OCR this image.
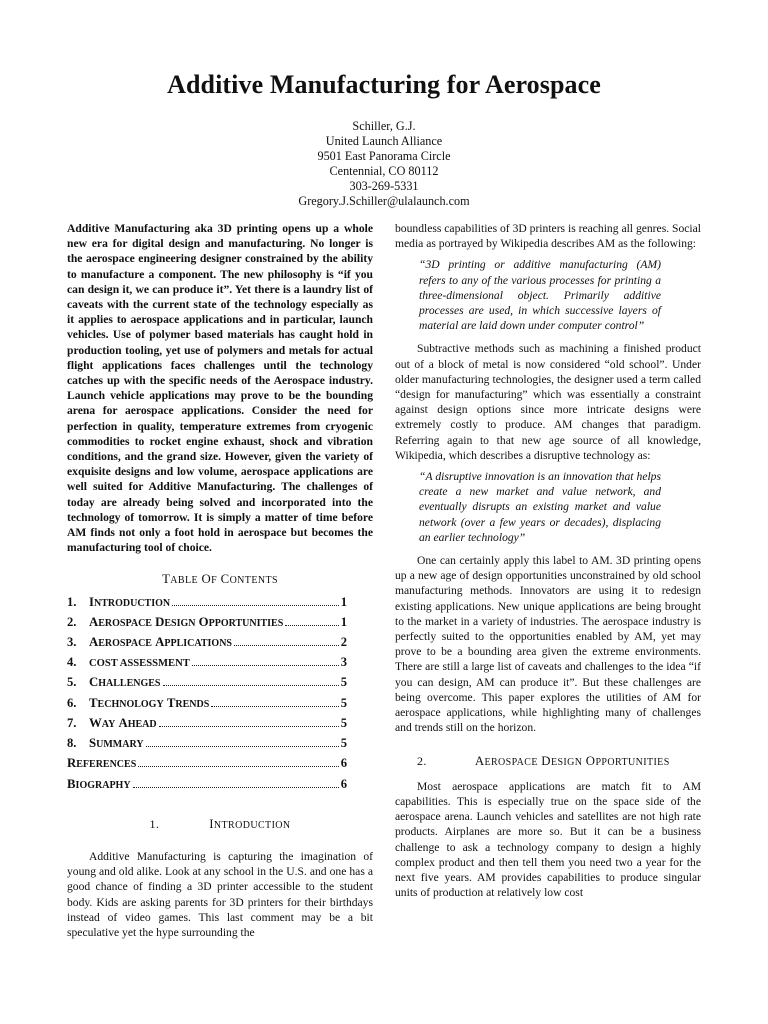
Additive Manufacturing for Aerospace
Schiller, G.J.
United Launch Alliance
9501 East Panorama Circle
Centennial, CO 80112
303-269-5331
Gregory.J.Schiller@ulalaunch.com

Additive Manufacturing aka 3D printing opens up a whole new era for digital design and manufacturing. No longer is the aerospace engineering designer constrained by the ability to manufacture a component. The new philosophy is “if you can design it, we can produce it”. Yet there is a laundry list of caveats with the current state of the technology especially as it applies to aerospace applications and in particular, launch vehicles. Use of polymer based materials has caught hold in production tooling, yet use of polymers and metals for actual flight applications faces challenges until the technology catches up with the specific needs of the Aerospace industry. Launch vehicle applications may prove to be the bounding arena for aerospace applications. Consider the need for perfection in quality, temperature extremes from cryogenic commodities to rocket engine exhaust, shock and vibration conditions, and the grand size. However, given the variety of exquisite designs and low volume, aerospace applications are well suited for Additive Manufacturing. The challenges of today are already being solved and incorporated into the technology of tomorrow. It is simply a matter of time before AM finds not only a foot hold in aerospace but becomes the manufacturing tool of choice.

TABLE OF CONTENTS
1. INTRODUCTION	1
2. AEROSPACE DESIGN OPPORTUNITIES	1
3. AEROSPACE APPLICATIONS	2
4.	COST ASSESSMENT	3
5. CHALLENGES	5
6. TECHNOLOGY TRENDS	5
7. WAY AHEAD	5
8. SUMMARY	5
REFERENCES	6
BIOGRAPHY	6
1.	INTRODUCTION

Additive Manufacturing is capturing the imagination of young and old alike. Look at any school in the U.S. and one has a good chance of finding a 3D printer accessible to the student body. Kids are asking parents for 3D printers for their birthdays instead of video games. This last comment may be a bit speculative yet the hype surrounding the

boundless capabilities of 3D printers is reaching all genres. Social media as portrayed by Wikipedia describes AM as the following:

“3D printing or additive manufacturing (AM) refers to any of the various processes for printing a three-dimensional object. Primarily additive processes are used, in which successive layers of material are laid down under computer control”

Subtractive methods such as machining a finished product out of a block of metal is now considered “old school”. Under older manufacturing technologies, the designer used a term called “design for manufacturing” which was essentially a constraint against design options since more intricate designs were extremely costly to produce. AM changes that paradigm. Referring again to that new age source of all knowledge, Wikipedia, which describes a disruptive technology as:

“A disruptive innovation is an innovation that helps create a new market and value network, and eventually disrupts an existing market and value network (over a few years or decades), displacing an earlier technology”

One can certainly apply this label to AM. 3D printing opens up a new age of design opportunities unconstrained by old school manufacturing methods. Innovators are using it to redesign existing applications. New unique applications are being brought to the market in a variety of industries. The aerospace industry is perfectly suited to the opportunities enabled by AM, yet may prove to be a bounding area given the extreme environments. There are still a large list of caveats and challenges to the idea “if you can design, AM can produce it”. But these challenges are being overcome. This paper explores the utilities of AM for aerospace applications, while highlighting many of challenges and trends still on the horizon.

2.	AEROSPACE DESIGN OPPORTUNITIES

Most aerospace applications are match fit to AM capabilities. This is especially true on the space side of the aerospace arena. Launch vehicles and satellites are not high rate products. Airplanes are more so. But it can be a business challenge to ask a technology company to design a highly complex product and then tell them you need two a year for the next five years. AM provides capabilities to produce singular units of production at relatively low cost
